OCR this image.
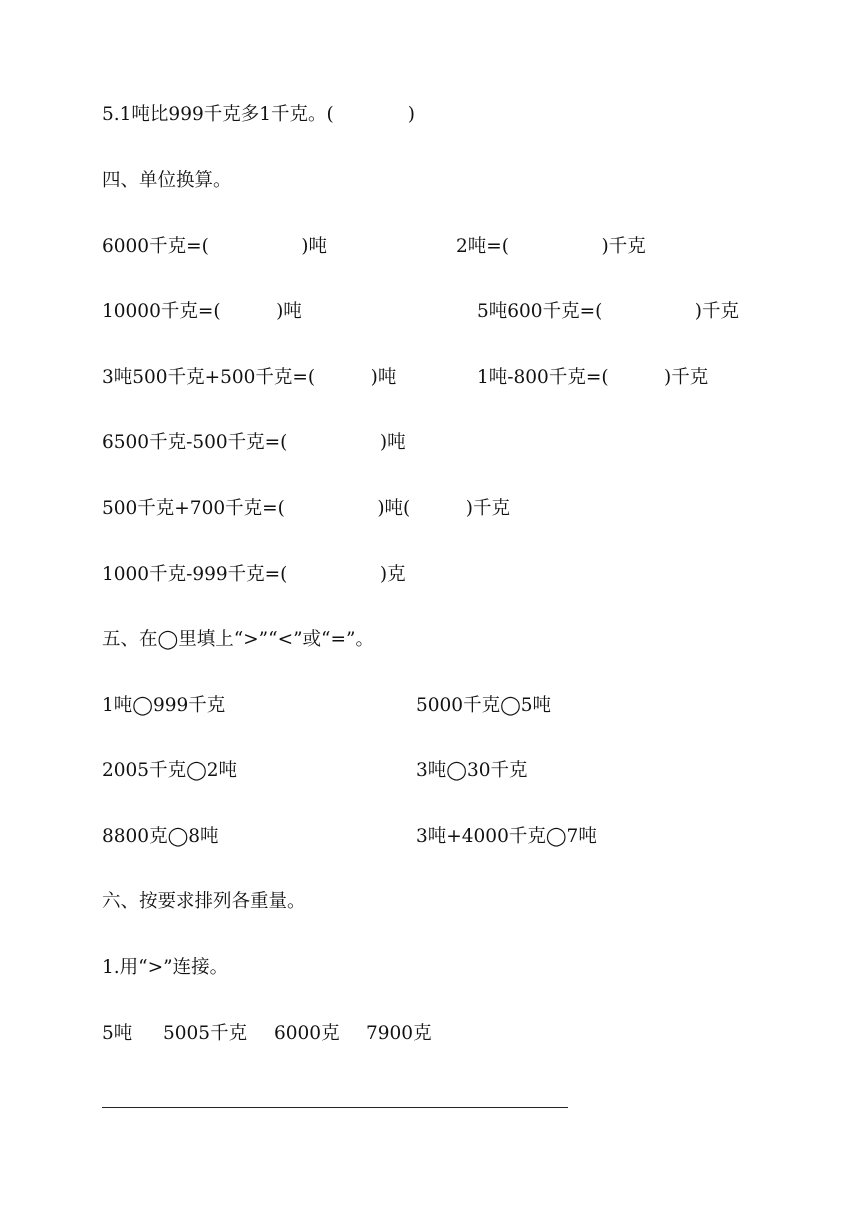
5.1吨比999千克多1千克。(　　　　)
四、单位换算。
6000千克=(　　　　　)吨	2吨=(　　　　　)千克
10000千克=(　　　)吨	5吨600千克=(　　　　　)千克
3吨500千克+500千克=(　　　)吨	1吨-800千克=(　　　)千克
6500千克-500千克=(　　　　　)吨
500千克+700千克=(　　　　　)吨(　　　)千克
1000千克-999千克=(　　　　　)克
五、在◯里填上“>”“<”或“=”。
1吨◯999千克	5000千克◯5吨
2005千克◯2吨	3吨◯30千克
8800克◯8吨	3吨+4000千克◯7吨
六、按要求排列各重量。
1.用“>”连接。
5吨 5005千克 6000克 7900克
